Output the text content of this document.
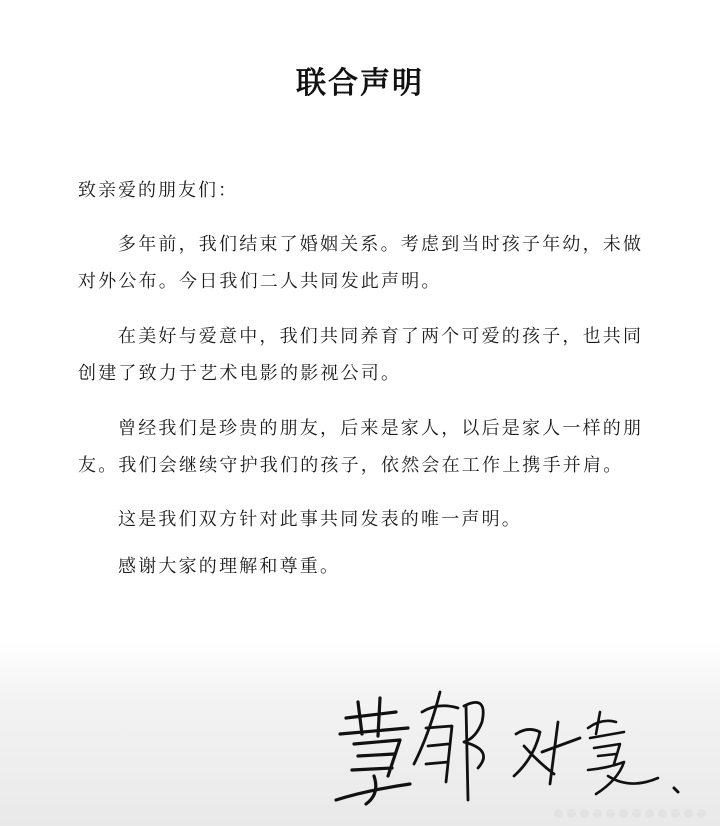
联合声明
致亲爱的朋友们：

多年前，我们结束了婚姻关系。考虑到当时孩子年幼，未做对外公布。今日我们二人共同发此声明。

在美好与爱意中，我们共同养育了两个可爱的孩子，也共同创建了致力于艺术电影的影视公司。

曾经我们是珍贵的朋友，后来是家人，以后是家人一样的朋友。我们会继续守护我们的孩子，依然会在工作上携手并肩。

这是我们双方针对此事共同发表的唯一声明。

感谢大家的理解和尊重。
